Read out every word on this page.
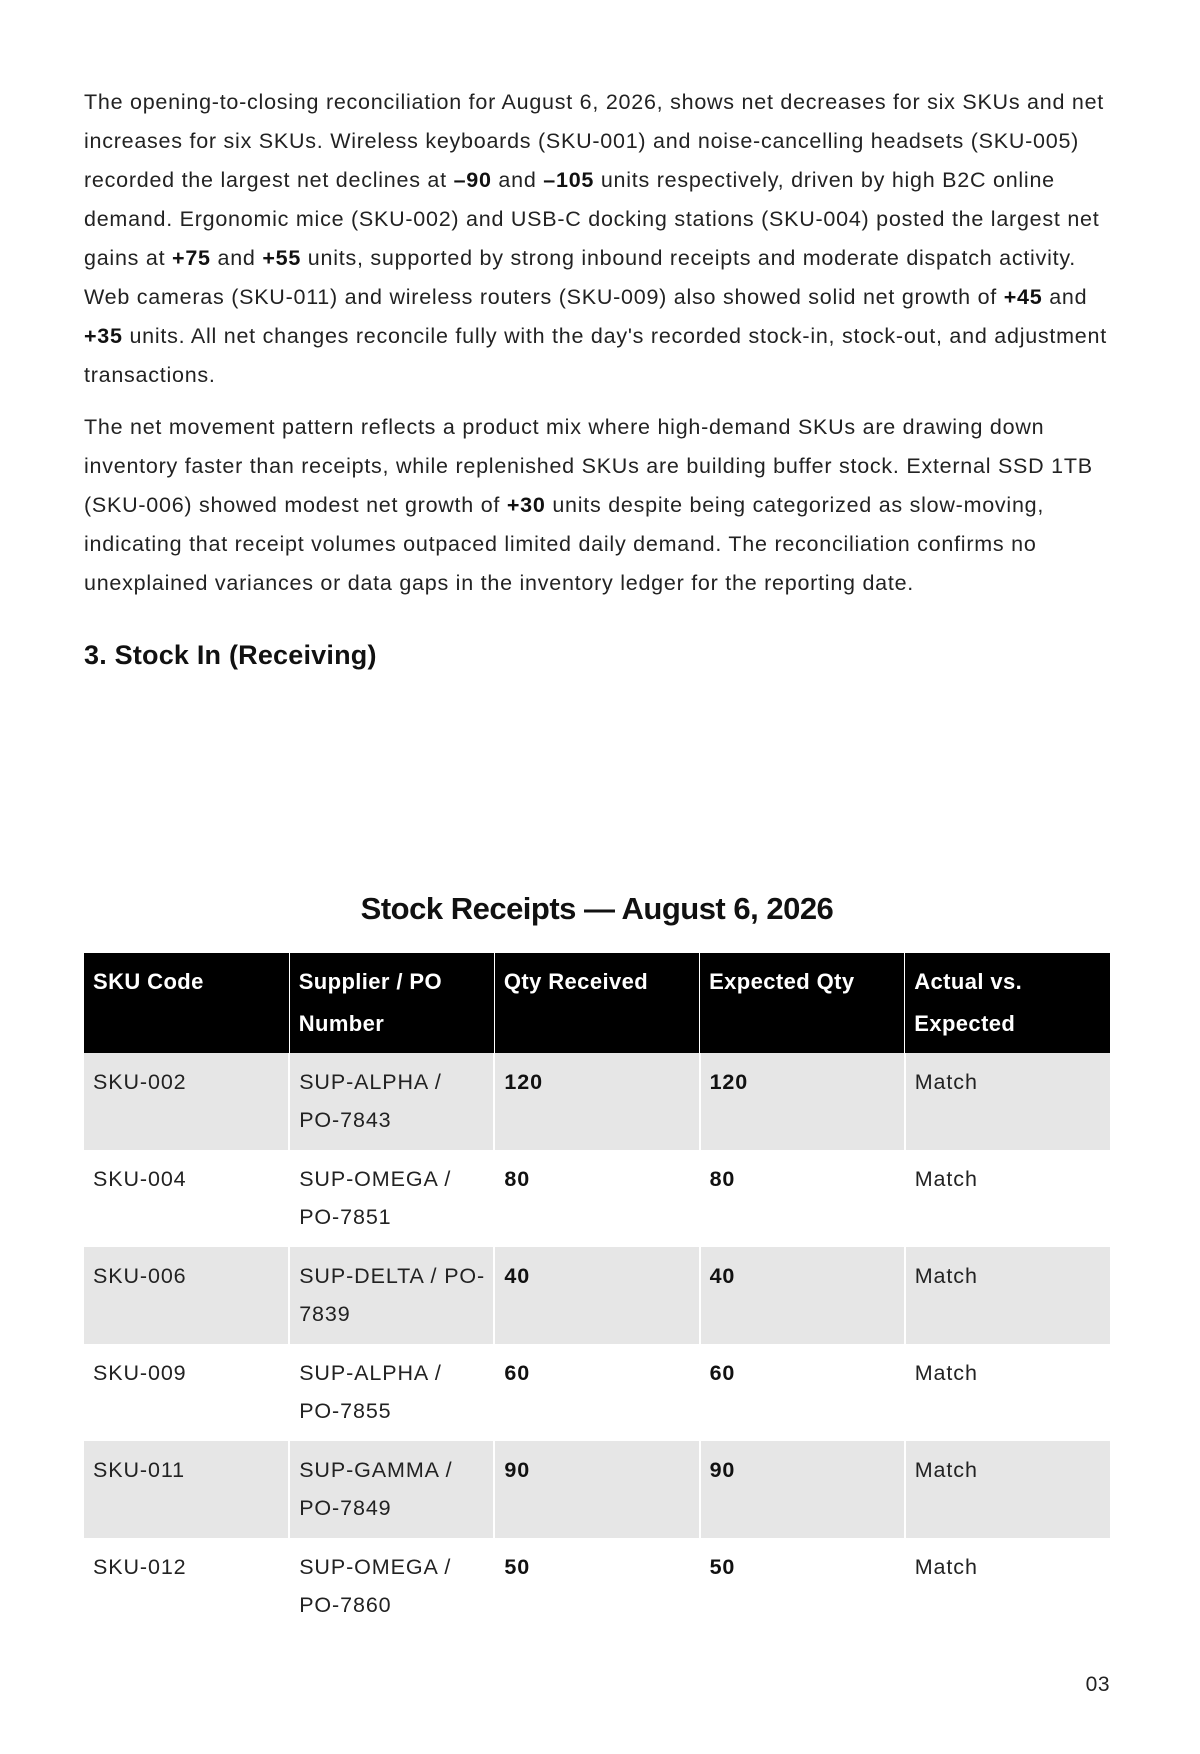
The opening-to-closing reconciliation for August 6, 2026, shows net decreases for six SKUs and net increases for six SKUs. Wireless keyboards (SKU-001) and noise-cancelling headsets (SKU-005) recorded the largest net declines at –90 and –105 units respectively, driven by high B2C online demand. Ergonomic mice (SKU-002) and USB-C docking stations (SKU-004) posted the largest net gains at +75 and +55 units, supported by strong inbound receipts and moderate dispatch activity. Web cameras (SKU-011) and wireless routers (SKU-009) also showed solid net growth of +45 and +35 units. All net changes reconcile fully with the day's recorded stock-in, stock-out, and adjustment transactions.

The net movement pattern reflects a product mix where high-demand SKUs are drawing down inventory faster than receipts, while replenished SKUs are building buffer stock. External SSD 1TB (SKU-006) showed modest net growth of +30 units despite being categorized as slow-moving, indicating that receipt volumes outpaced limited daily demand. The reconciliation confirms no unexplained variances or data gaps in the inventory ledger for the reporting date.

3. Stock In (Receiving)
Stock Receipts — August 6, 2026
SKU Code	Supplier / PO Number	Qty Received	Expected Qty	Actual vs. Expected
SKU-002	SUP-ALPHA / PO-7843	120	120	Match
SKU-004	SUP-OMEGA / PO-7851	80	80	Match
SKU-006	SUP-DELTA / PO-7839	40	40	Match
SKU-009	SUP-ALPHA / PO-7855	60	60	Match
SKU-011	SUP-GAMMA / PO-7849	90	90	Match
SKU-012	SUP-OMEGA / PO-7860	50	50	Match
03
